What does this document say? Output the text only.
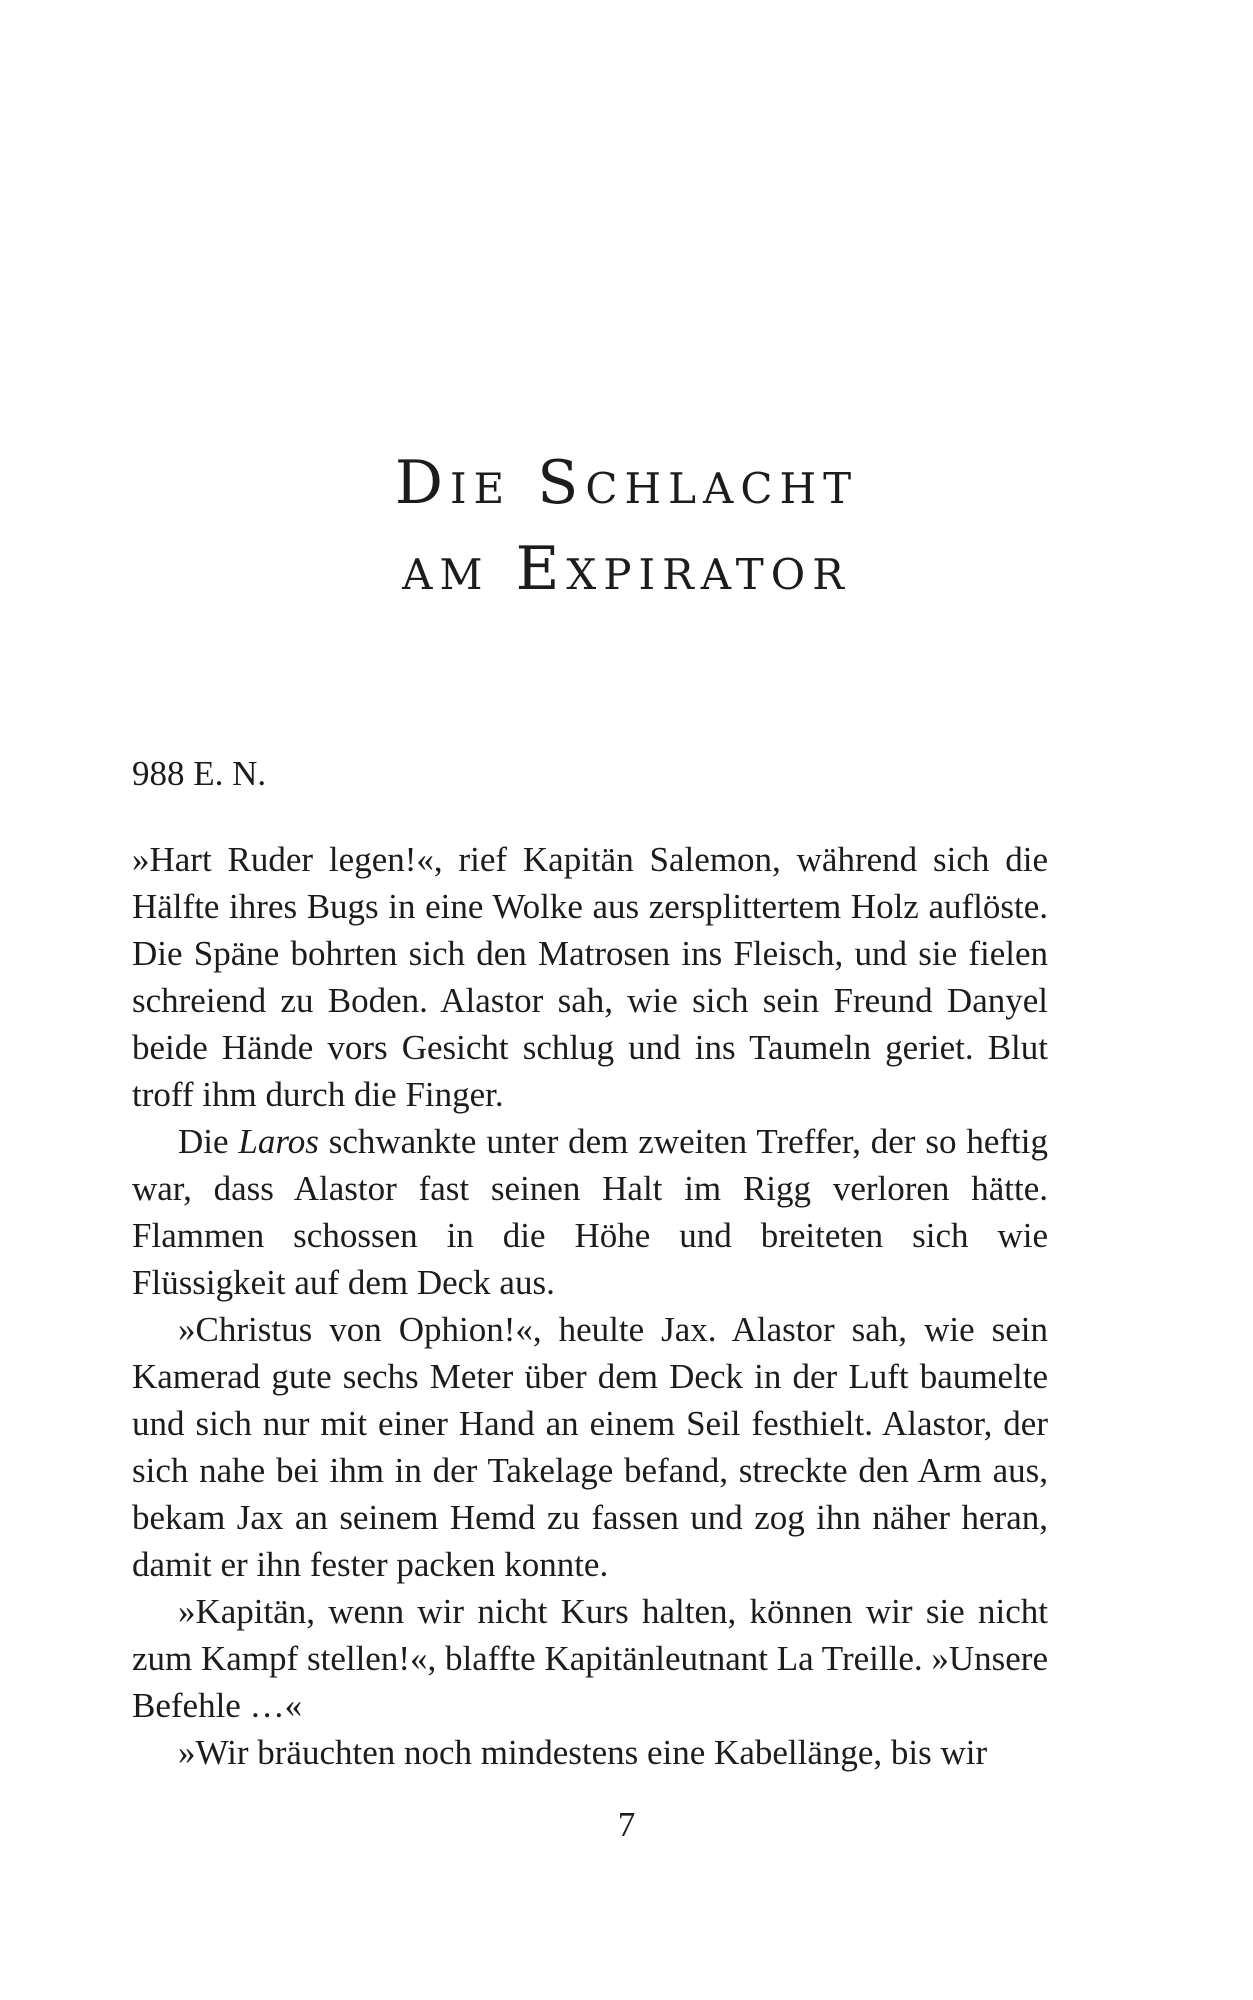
Die Schlacht
am Expirator

988 E. N.

»Hart Ruder legen!«, rief Kapitän Salemon, während sich die Hälfte ihres Bugs in eine Wolke aus zersplittertem Holz auflöste. Die Späne bohrten sich den Matrosen ins Fleisch, und sie fielen schreiend zu Boden. Alastor sah, wie sich sein Freund Danyel beide Hände vors Gesicht schlug und ins Taumeln geriet. Blut troff ihm durch die Finger.

Die Laros schwankte unter dem zweiten Treffer, der so heftig war, dass Alastor fast seinen Halt im Rigg verloren hätte. Flammen schossen in die Höhe und breiteten sich wie Flüssigkeit auf dem Deck aus.

»Christus von Ophion!«, heulte Jax. Alastor sah, wie sein Kamerad gute sechs Meter über dem Deck in der Luft baumelte und sich nur mit einer Hand an einem Seil festhielt. Alastor, der sich nahe bei ihm in der Takelage befand, streckte den Arm aus, bekam Jax an seinem Hemd zu fassen und zog ihn näher heran, damit er ihn fester packen konnte.

»Kapitän, wenn wir nicht Kurs halten, können wir sie nicht zum Kampf stellen!«, blaffte Kapitänleutnant La Treille. »Unsere Befehle …«

»Wir bräuchten noch mindestens eine Kabellänge, bis wir

7
